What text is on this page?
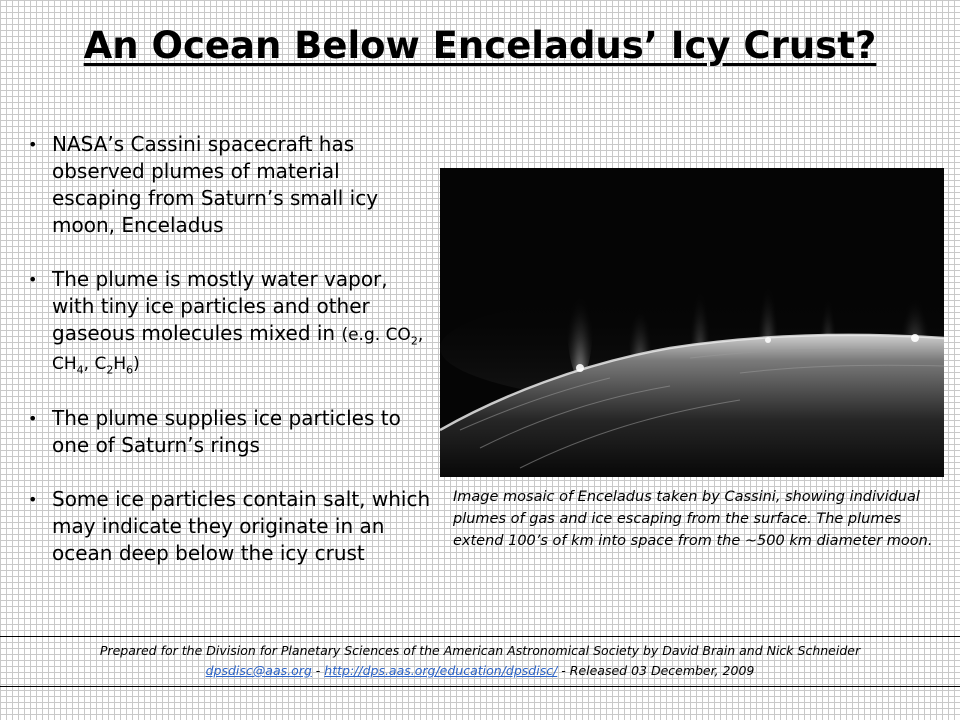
An Ocean Below Enceladus’ Icy Crust?
• NASA’s Cassini spacecraft has observed plumes of material escaping from Saturn’s small icy moon, Enceladus
• The plume is mostly water vapor, with tiny ice particles and other gaseous molecules mixed in (e.g. $CO_2$, $CH_4$, $C_2H_6$)
• The plume supplies ice particles to one of Saturn’s rings
• Some ice particles contain salt, which may indicate they originate in an ocean deep below the icy crust

Image mosaic of Enceladus taken by Cassini, showing individual plumes of gas and ice escaping from the surface. The plumes extend 100’s of km into space from the ~500 km diameter moon.

Prepared for the Division for Planetary Sciences of the American Astronomical Society by David Brain and Nick Schneider
dpsdisc@aas.org - http://dps.aas.org/education/dpsdisc/ - Released 03 December, 2009
